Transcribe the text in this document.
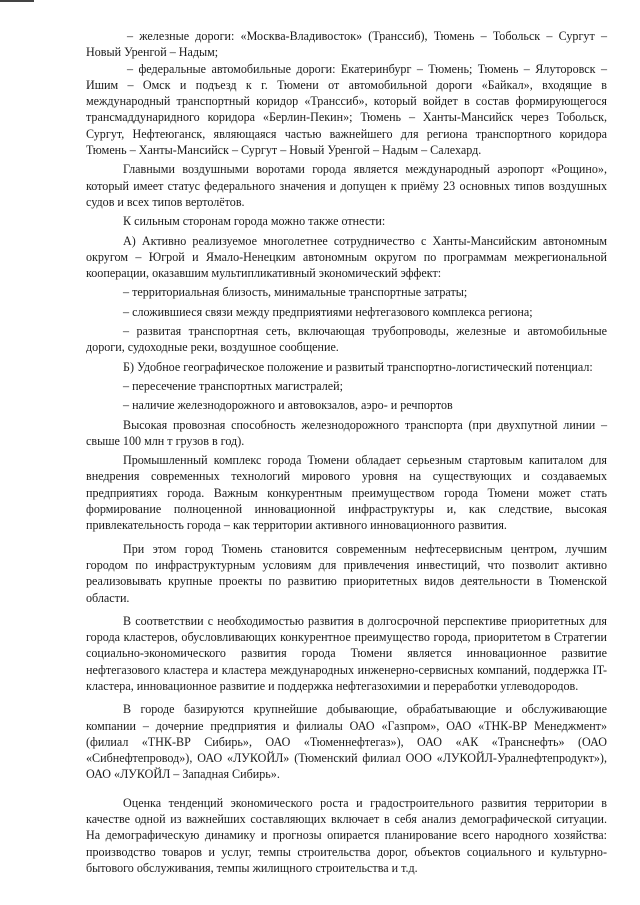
– железные дороги: «Москва-Владивосток» (Транссиб), Тюмень – Тобольск – Сургут – Новый Уренгой – Надым;

– федеральные автомобильные дороги: Екатеринбург – Тюмень; Тюмень – Ялуторовск – Ишим – Омск и подъезд к г. Тюмени от автомобильной дороги «Байкал», входящие в международный транспортный коридор «Транссиб», который войдет в состав формирующегося трансмаддунаридного коридора «Берлин-Пекин»; Тюмень – Ханты-Мансийск через Тобольск, Сургут, Нефтеюганск, являющаяся частью важнейшего для региона транспортного коридора Тюмень – Ханты-Мансийск – Сургут – Новый Уренгой – Надым – Салехард.

Главными воздушными воротами города является международный аэропорт «Рощино», который имеет статус федерального значения и допущен к приёму 23 основных типов воздушных судов и всех типов вертолётов.

К сильным сторонам города можно также отнести:

А) Активно реализуемое многолетнее сотрудничество с Ханты-Мансийским автономным округом – Югрой и Ямало-Ненецким автономным округом по программам межрегиональной кооперации, оказавшим мультипликативный экономический эффект:

– территориальная близость, минимальные транспортные затраты;

– сложившиеся связи между предприятиями нефтегазового комплекса региона;

– развитая транспортная сеть, включающая трубопроводы, железные и автомобильные дороги, судоходные реки, воздушное сообщение.

Б) Удобное географическое положение и развитый транспортно-логистический потенциал:

– пересечение транспортных магистралей;

– наличие железнодорожного и автовокзалов, аэро- и речпортов

Высокая провозная способность железнодорожного транспорта (при двухпутной линии – свыше 100 млн т грузов в год).

Промышленный комплекс города Тюмени обладает серьезным стартовым капиталом для внедрения современных технологий мирового уровня на существующих и создаваемых предприятиях города. Важным конкурентным преимуществом города Тюмени может стать формирование полноценной инновационной инфраструктуры и, как следствие, высокая привлекательность города – как территории активного инновационного развития.

При этом город Тюмень становится современным нефтесервисным центром, лучшим городом по инфраструктурным условиям для привлечения инвестиций, что позволит активно реализовывать крупные проекты по развитию приоритетных видов деятельности в Тюменской области.

В соответствии с необходимостью развития в долгосрочной перспективе приоритетных для города кластеров, обусловливающих конкурентное преимущество города, приоритетом в Стратегии социально-экономического развития города Тюмени является инновационное развитие нефтегазового кластера и кластера международных инженерно-сервисных компаний, поддержка IT-кластера, инновационное развитие и поддержка нефтегазохимии и переработки углеводородов.

В городе базируются крупнейшие добывающие, обрабатывающие и обслуживающие компании – дочерние предприятия и филиалы ОАО «Газпром», ОАО «ТНК-ВР Менеджмент» (филиал «ТНК-ВР Сибирь», ОАО «Тюменнефтегаз»), ОАО «АК «Транснефть» (ОАО «Сибнефтепровод»), ОАО «ЛУКОЙЛ» (Тюменский филиал ООО «ЛУКОЙЛ-Уралнефтепродукт»), ОАО «ЛУКОЙЛ – Западная Сибирь».

Оценка тенденций экономического роста и градостроительного развития территории в качестве одной из важнейших составляющих включает в себя анализ демографической ситуации. На демографическую динамику и прогнозы опирается планирование всего народного хозяйства: производство товаров и услуг, темпы строительства дорог, объектов социального и культурно-бытового обслуживания, темпы жилищного строительства и т.д.
